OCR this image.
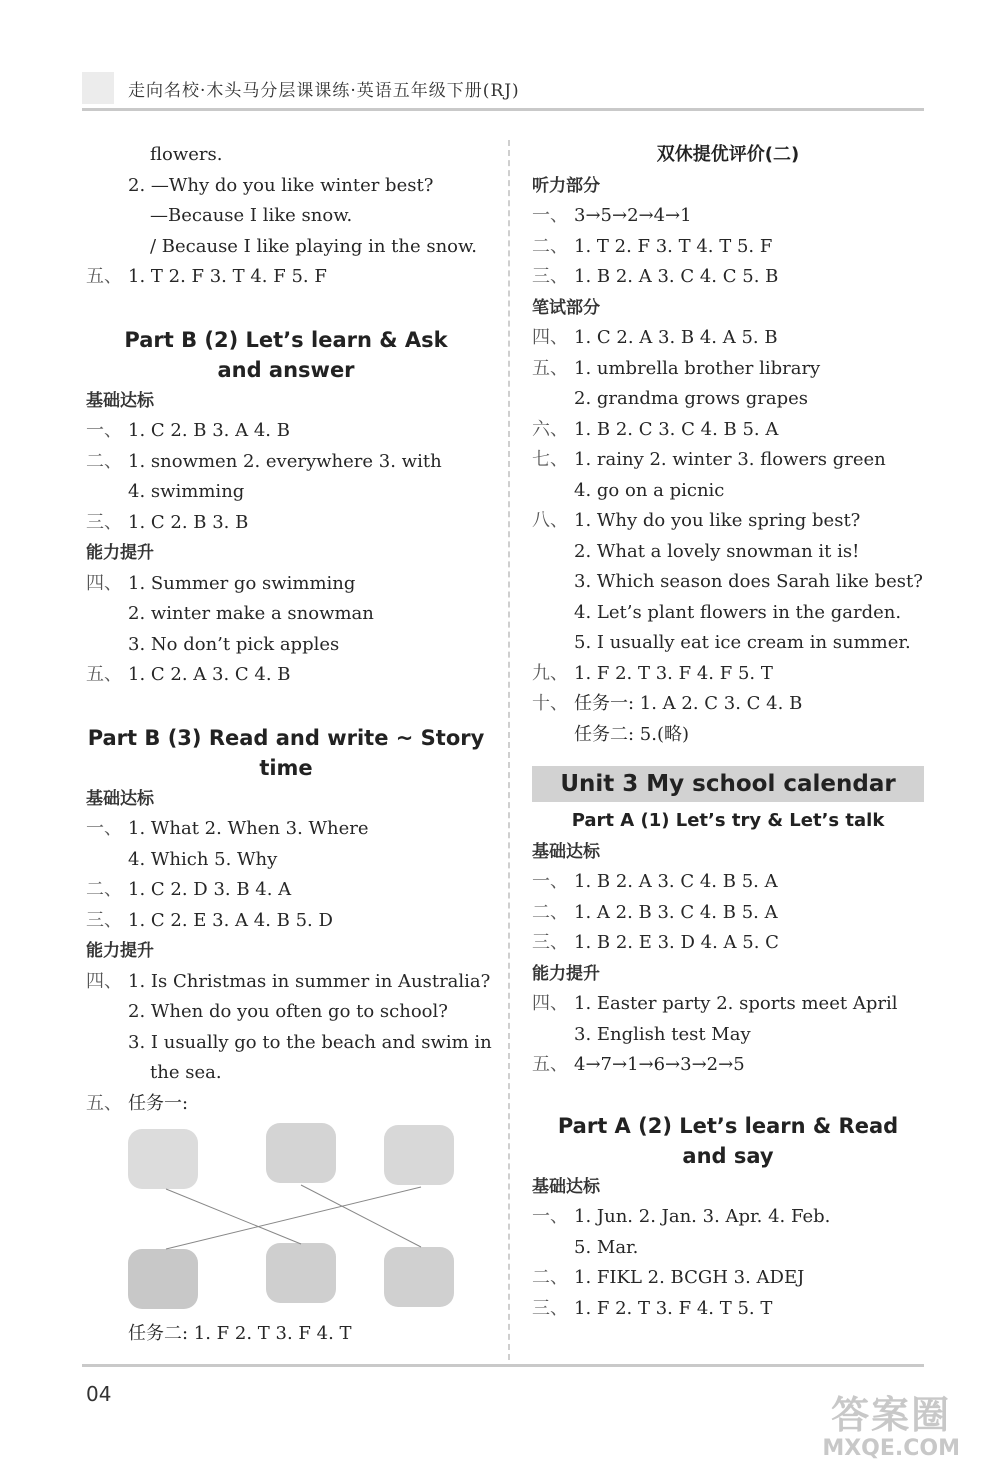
走向名校·木头马分层课课练·英语五年级下册(RJ)
flowers.
2. —Why do you like winter best?
—Because I like snow.
/ Because I like playing in the snow.
五、 1. T 2. F 3. T 4. F 5. F
Part B (2) Let’s learn & Ask
and answer
基础达标
一、 1. C 2. B 3. A 4. B
二、 1. snowmen 2. everywhere 3. with
4. swimming
三、 1. C 2. B 3. B
能力提升
四、 1. Summer go swimming
2. winter make a snowman
3. No don’t pick apples
五、 1. C 2. A 3. C 4. B
Part B (3) Read and write ~ Story
time
基础达标
一、 1. What 2. When 3. Where
4. Which 5. Why
二、 1. C 2. D 3. B 4. A
三、 1. C 2. E 3. A 4. B 5. D
能力提升
四、 1. Is Christmas in summer in Australia?
2. When do you often go to school?
3. I usually go to the beach and swim in
the sea.
五、 任务一:
任务二: 1. F 2. T 3. F 4. T
双休提优评价(二)
听力部分
一、 3→5→2→4→1
二、 1. T 2. F 3. T 4. T 5. F
三、 1. B 2. A 3. C 4. C 5. B
笔试部分
四、 1. C 2. A 3. B 4. A 5. B
五、 1. umbrella brother library
2. grandma grows grapes
六、 1. B 2. C 3. C 4. B 5. A
七、 1. rainy 2. winter 3. flowers green
4. go on a picnic
八、 1. Why do you like spring best?
2. What a lovely snowman it is!
3. Which season does Sarah like best?
4. Let’s plant flowers in the garden.
5. I usually eat ice cream in summer.
九、 1. F 2. T 3. F 4. F 5. T
十、 任务一: 1. A 2. C 3. C 4. B
任务二: 5.(略)
Unit 3 My school calendar
Part A (1) Let’s try & Let’s talk
基础达标
一、 1. B 2. A 3. C 4. B 5. A
二、 1. A 2. B 3. C 4. B 5. A
三、 1. B 2. E 3. D 4. A 5. C
能力提升
四、 1. Easter party 2. sports meet April
3. English test May
五、 4→7→1→6→3→2→5
Part A (2) Let’s learn & Read
and say
基础达标
一、 1. Jun. 2. Jan. 3. Apr. 4. Feb.
5. Mar.
二、 1. FIKL 2. BCGH 3. ADEJ
三、 1. F 2. T 3. F 4. T 5. T
04	答案圈
MXQE.COM
